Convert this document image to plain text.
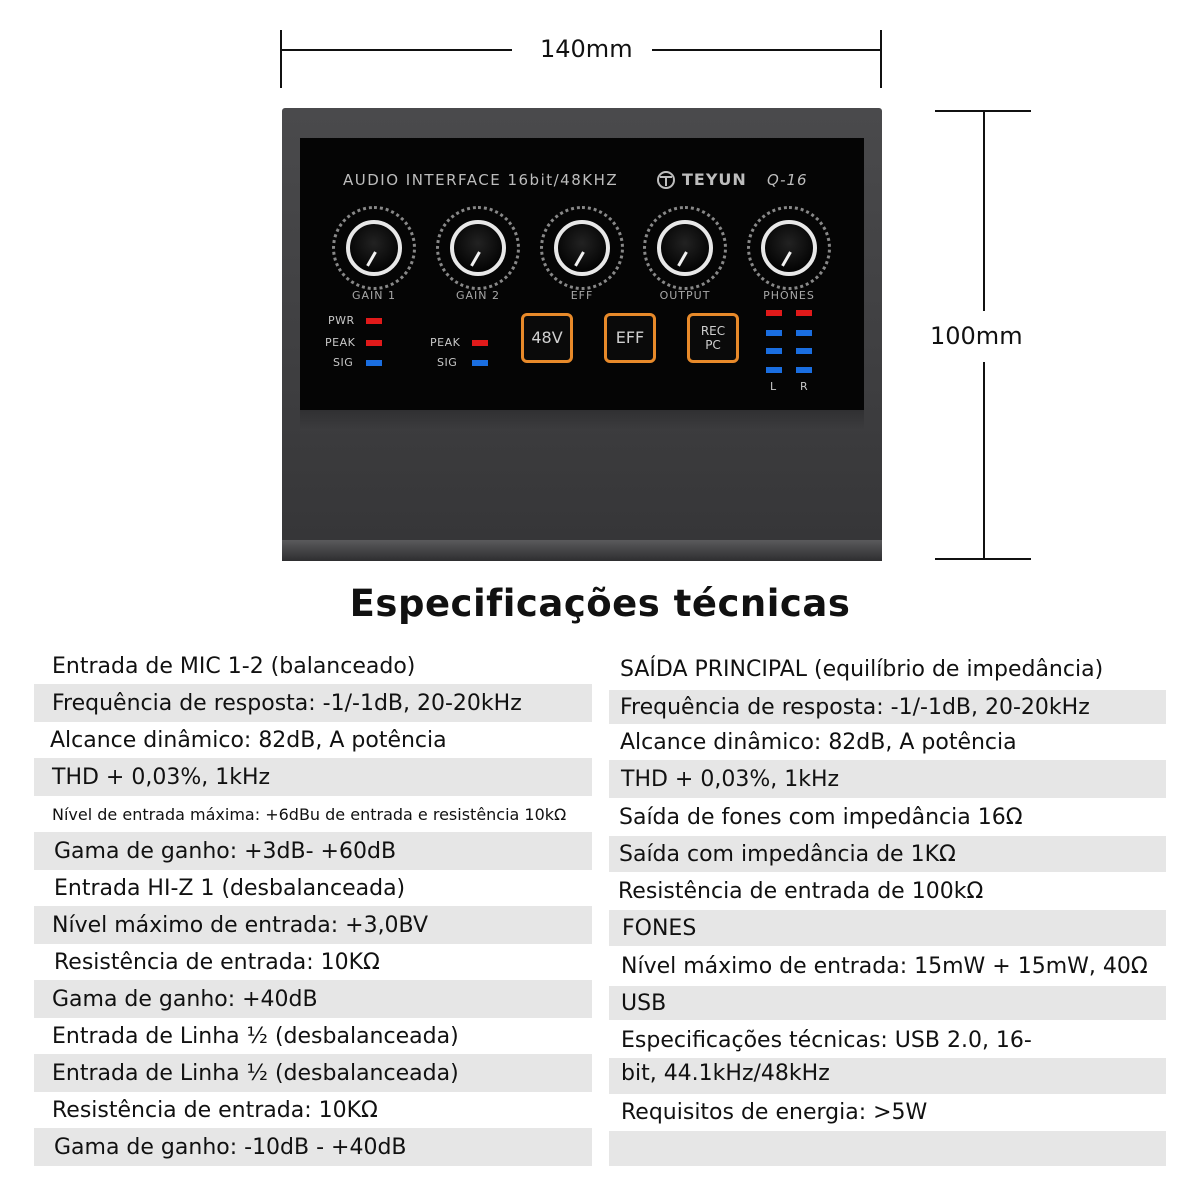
140mm
100mm
AUDIO INTERFACE 16bit/48KHZ	TEYUN Q-16
GAIN 1	GAIN 2	EFF	OUTPUT	PHONES
PWR
PEAK
SIG
PEAK
SIG
48V	EFF	REC PC
L R
Especificações técnicas
Entrada de MIC 1-2 (balanceado)
Frequência de resposta: -1/-1dB, 20-20kHz
Alcance dinâmico: 82dB, A potência
THD + 0,03%, 1kHz
Nível de entrada máxima: +6dBu de entrada e resistência 10kΩ
Gama de ganho: +3dB- +60dB
Entrada HI-Z 1 (desbalanceada)
Nível máximo de entrada: +3,0BV
Resistência de entrada: 10KΩ
Gama de ganho: +40dB
Entrada de Linha ½ (desbalanceada)
Entrada de Linha ½ (desbalanceada)
Resistência de entrada: 10KΩ
Gama de ganho: -10dB - +40dB
SAÍDA PRINCIPAL (equilíbrio de impedância)
Frequência de resposta: -1/-1dB, 20-20kHz
Alcance dinâmico: 82dB, A potência
THD + 0,03%, 1kHz
Saída de fones com impedância 16Ω
Saída com impedância de 1KΩ
Resistência de entrada de 100kΩ
FONES
Nível máximo de entrada: 15mW + 15mW, 40Ω
USB
Especificações técnicas: USB 2.0, 16-bit, 44.1kHz/48kHz
Requisitos de energia: >5W
